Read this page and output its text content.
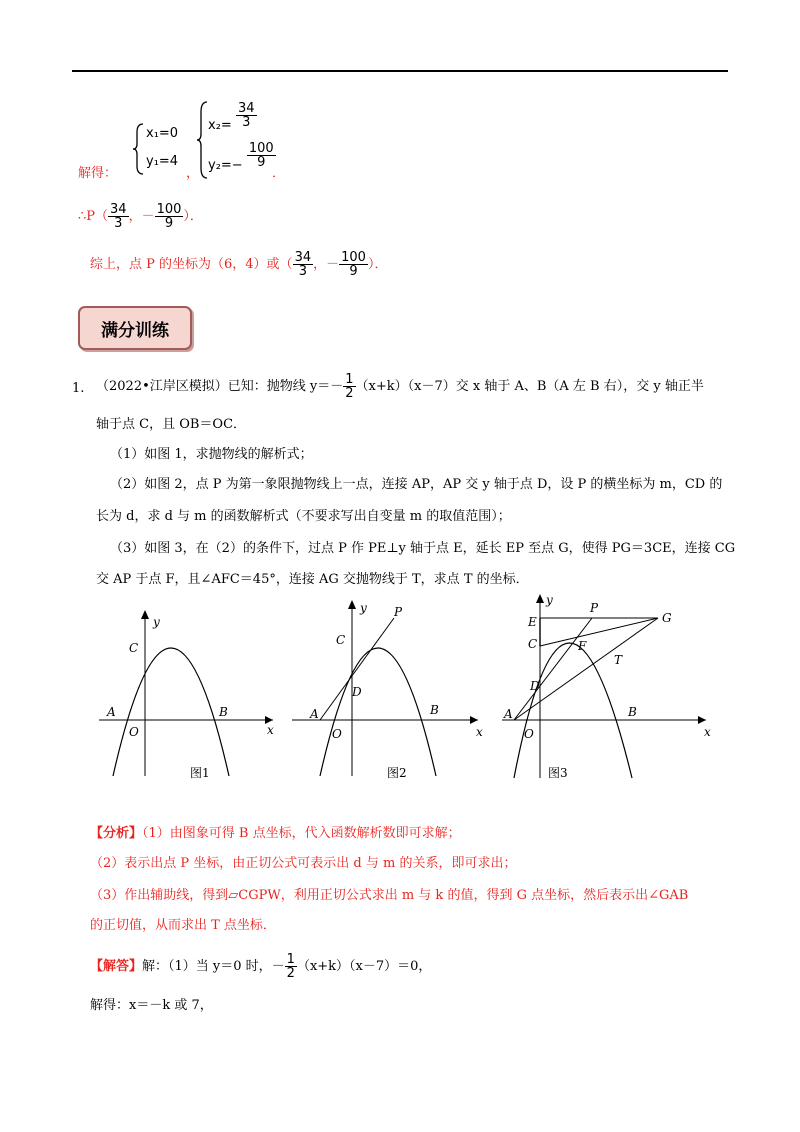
解得：
x₁=0
y₁=4
，
$x_2= \frac{34}{3}$
$y_2=- \frac{100}{9}$
．
∴P（ $\frac{34}{3}$ ，－ $\frac{100}{9}$ ）．
综上，点 P 的坐标为（6，4）或（ $\frac{34}{3}$ ，－ $\frac{100}{9}$ ）．
满分训练
1. （2022•江岸区模拟）已知：抛物线 $y=- \frac{1}{2} (x+k)(x-7)$交 x 轴于 A、B（A 左 B 右），交 y 轴正半
轴于点 C，且 OB＝OC．
（1）如图 1，求抛物线的解析式；
（2）如图 2，点 P 为第一象限抛物线上一点，连接 AP，AP 交 y 轴于点 D，设 P 的横坐标为 m，CD 的
长为 d，求 d 与 m 的函数解析式（不要求写出自变量 m 的取值范围）；
（3）如图 3，在（2）的条件下，过点 P 作 PE⊥y 轴于点 E，延长 EP 至点 G，使得 PG＝3CE，连接 CG
交 AP 于点 F，且∠AFC＝45°，连接 AG 交抛物线于 T，求点 T 的坐标．
y
x
O
A	B
C
图1
y
x
O
A	B
C
D
P
图2
y
x
O
A	B
C
D
E
F
G
P
T
图3
【分析】（1）由图象可得 B 点坐标，代入函数解析数即可求解；
（2）表示出点 P 坐标，由正切公式可表示出 d 与 m 的关系，即可求出；
（3）作出辅助线，得到▱CGPW，利用正切公式求出 m 与 k 的值，得到 G 点坐标，然后表示出∠GAB
的正切值，从而求出 T 点坐标．
【解答】解：（1）当 y＝0 时，－ $\frac{1}{2} (x+k)(x-7)=0$，
解得：x＝－k 或 7，
